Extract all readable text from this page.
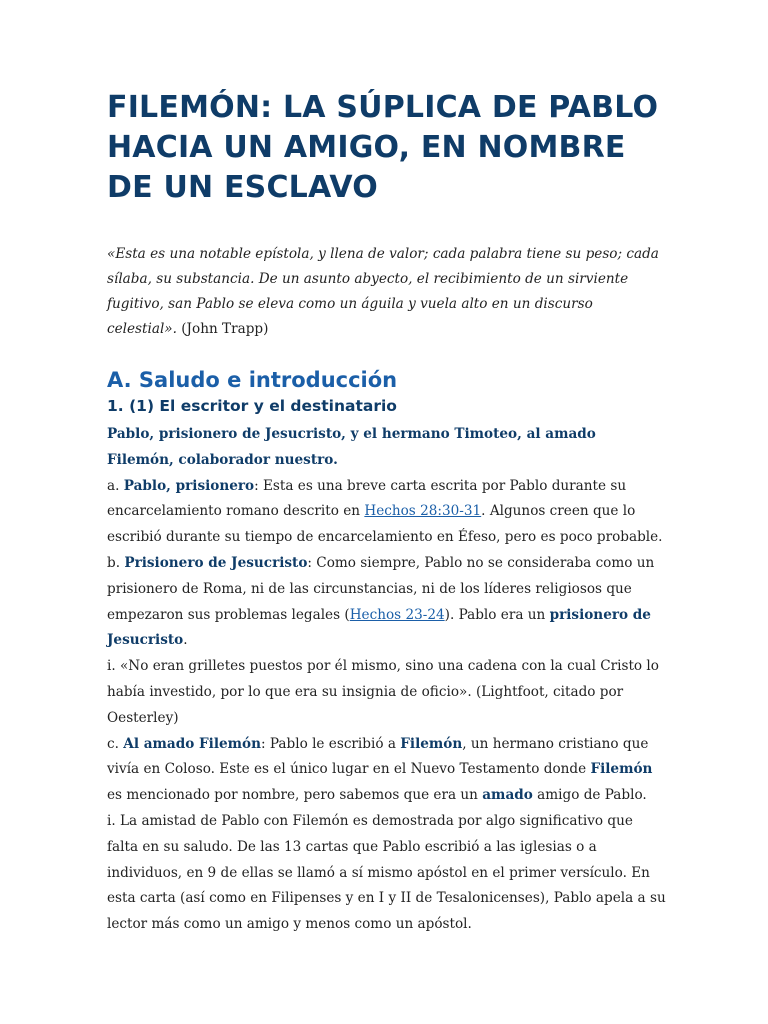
FILEMÓN: LA SÚPLICA DE PABLO HACIA UN AMIGO, EN NOMBRE DE UN ESCLAVO

«Esta es una notable epístola, y llena de valor; cada palabra tiene su peso; cada sílaba, su substancia. De un asunto abyecto, el recibimiento de un sirviente fugitivo, san Pablo se eleva como un águila y vuela alto en un discurso celestial». (John Trapp)

A. Saludo e introducción
1. (1) El escritor y el destinatario

Pablo, prisionero de Jesucristo, y el hermano Timoteo, al amado Filemón, colaborador nuestro.

a. Pablo, prisionero: Esta es una breve carta escrita por Pablo durante su encarcelamiento romano descrito en Hechos 28:30-31. Algunos creen que lo escribió durante su tiempo de encarcelamiento en Éfeso, pero es poco probable.

b. Prisionero de Jesucristo: Como siempre, Pablo no se consideraba como un prisionero de Roma, ni de las circunstancias, ni de los líderes religiosos que empezaron sus problemas legales (Hechos 23-24). Pablo era un prisionero de Jesucristo.

i. «No eran grilletes puestos por él mismo, sino una cadena con la cual Cristo lo había investido, por lo que era su insignia de oficio». (Lightfoot, citado por Oesterley)

c. Al amado Filemón: Pablo le escribió a Filemón, un hermano cristiano que vivía en Coloso. Este es el único lugar en el Nuevo Testamento donde Filemón es mencionado por nombre, pero sabemos que era un amado amigo de Pablo.

i. La amistad de Pablo con Filemón es demostrada por algo significativo que falta en su saludo. De las 13 cartas que Pablo escribió a las iglesias o a individuos, en 9 de ellas se llamó a sí mismo apóstol en el primer versículo. En esta carta (así como en Filipenses y en I y II de Tesalonicenses), Pablo apela a su lector más como un amigo y menos como un apóstol.
